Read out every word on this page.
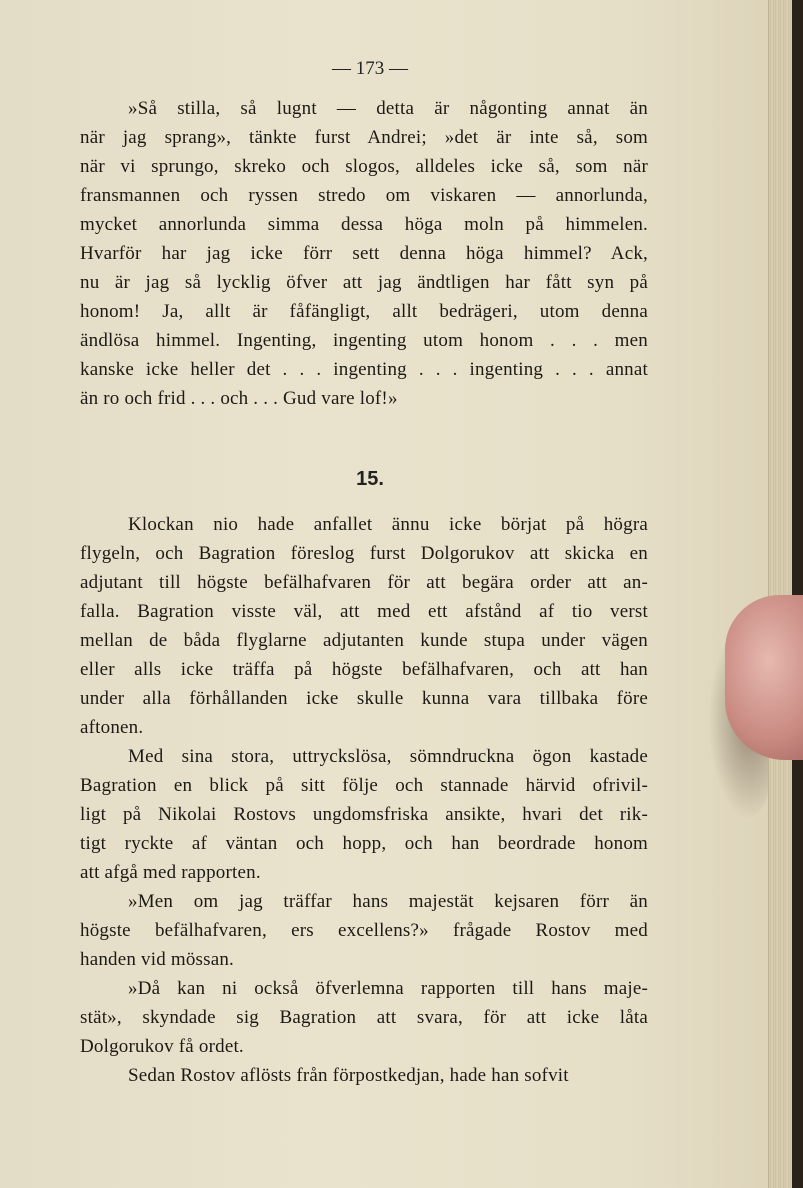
— 173 —
»Så stilla, så lugnt — detta är någonting annat än
när jag sprang», tänkte furst Andrei; »det är inte så, som
när vi sprungo, skreko och slogos, alldeles icke så, som när
fransmannen och ryssen stredo om viskaren — annorlunda,
mycket annorlunda simma dessa höga moln på himmelen.
Hvarför har jag icke förr sett denna höga himmel? Ack,
nu är jag så lycklig öfver att jag ändtligen har fått syn på
honom! Ja, allt är fåfängligt, allt bedrägeri, utom denna
ändlösa himmel. Ingenting, ingenting utom honom . . . men
kanske icke heller det . . . ingenting . . . ingenting . . . annat
än ro och frid . . . och . . . Gud vare lof!»
15.
Klockan nio hade anfallet ännu icke börjat på högra
flygeln, och Bagration föreslog furst Dolgorukov att skicka en
adjutant till högste befälhafvaren för att begära order att an-
falla. Bagration visste väl, att med ett afstånd af tio verst
mellan de båda flyglarne adjutanten kunde stupa under vägen
eller alls icke träffa på högste befälhafvaren, och att han
under alla förhållanden icke skulle kunna vara tillbaka före
aftonen.
Med sina stora, uttryckslösa, sömndruckna ögon kastade
Bagration en blick på sitt följe och stannade härvid ofrivil-
ligt på Nikolai Rostovs ungdomsfriska ansikte, hvari det rik-
tigt ryckte af väntan och hopp, och han beordrade honom
att afgå med rapporten.
»Men om jag träffar hans majestät kejsaren förr än
högste befälhafvaren, ers excellens?» frågade Rostov med
handen vid mössan.
»Då kan ni också öfverlemna rapporten till hans maje-
stät», skyndade sig Bagration att svara, för att icke låta
Dolgorukov få ordet.
Sedan Rostov aflösts från förpostkedjan, hade han sofvit
